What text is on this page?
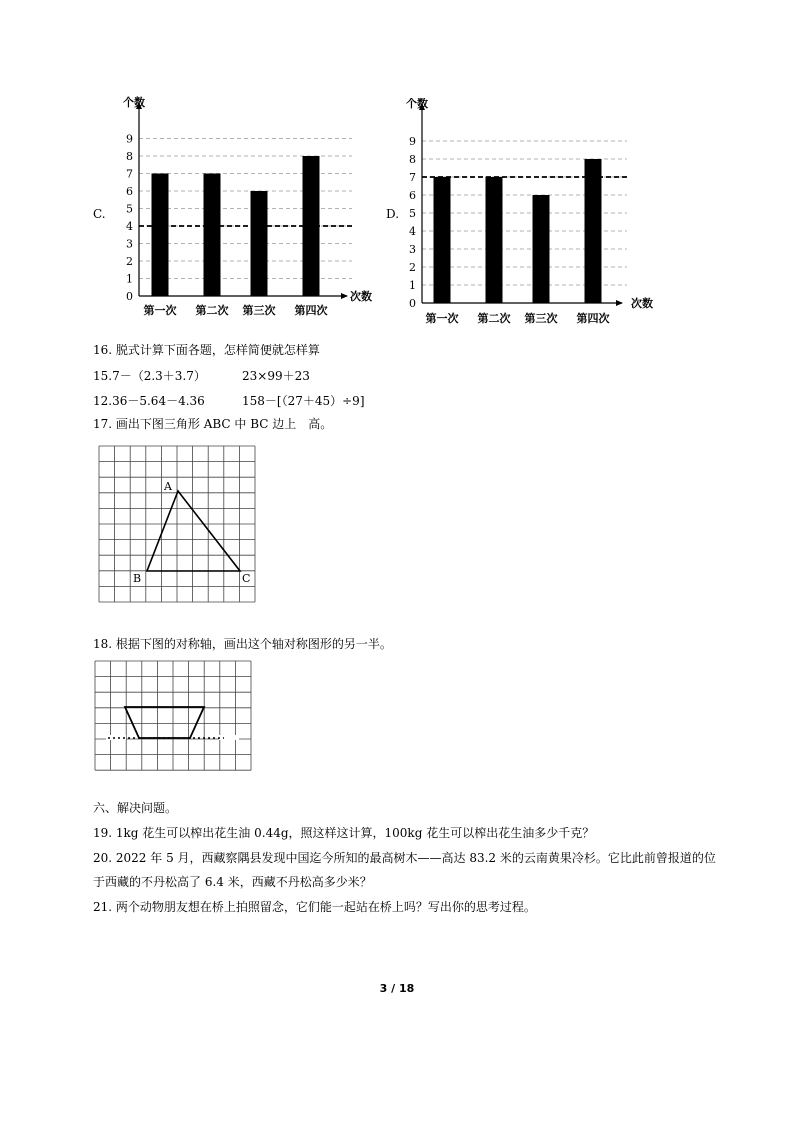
C.
0
1
2
3
4
5
6
7
8
9
个数
次数
第一次 第二次 第三次 第四次
D.
0
1
2
3
4
5
6
7
8
9
个数
次数
第一次 第二次 第三次 第四次
16. 脱式计算下面各题，怎样简便就怎样算
15.7－（2.3＋3.7）	23×99＋23
12.36－5.64－4.36	158－[（27＋45）÷9]
17. 画出下图三角形 ABC 中 BC 边上　高。
A
B	C
18. 根据下图的对称轴，画出这个轴对称图形的另一半。
六、解决问题。
19. 1kg 花生可以榨出花生油 0.44g，照这样这计算，100kg 花生可以榨出花生油多少千克？
20. 2022 年 5 月，西藏察隅县发现中国迄今所知的最高树木——高达 83.2 米的云南黄果冷杉。它比此前曾报道的位
于西藏的不丹松高了 6.4 米，西藏不丹松高多少米？
21. 两个动物朋友想在桥上拍照留念，它们能一起站在桥上吗？写出你的思考过程。
3 / 18
